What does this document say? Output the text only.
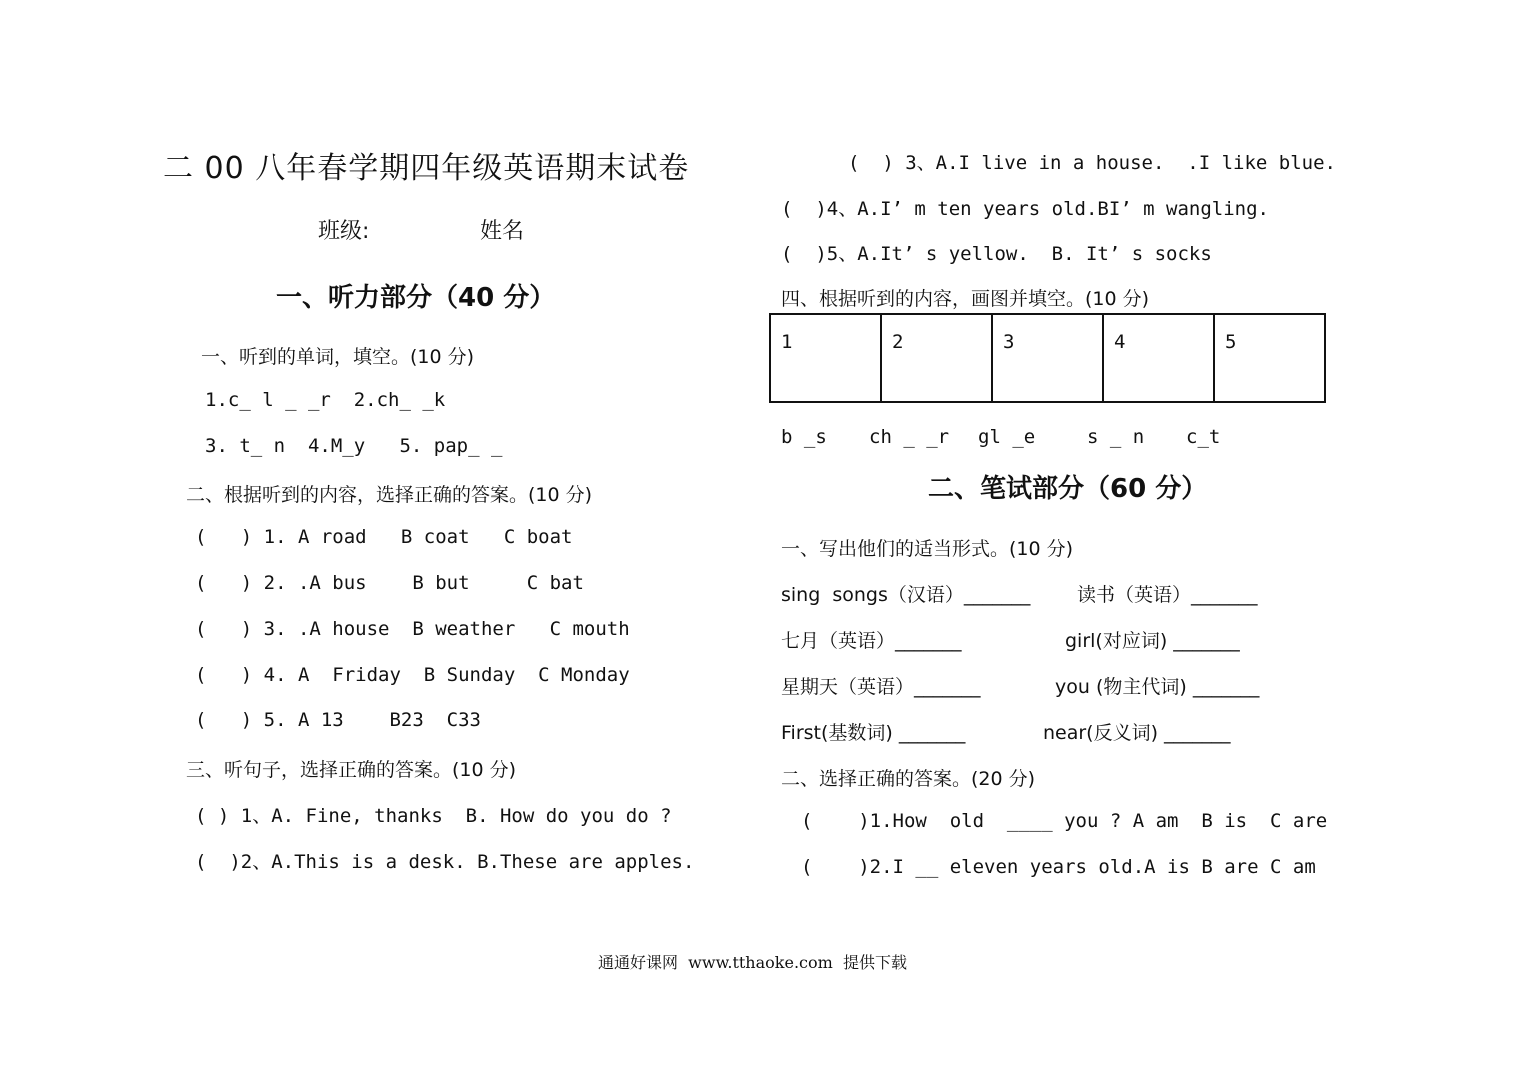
二 00 八年春学期四年级英语期末试卷
班级:	姓名
一、听力部分（40 分）
一、听到的单词，填空。(10 分)
1.c_ l _ _r  2.ch_ _k
3. t_ n  4.M_y   5. pap_ _
二、根据听到的内容，选择正确的答案。(10 分)
(   ) 1. A road   B coat   C boat
(   ) 2. .A bus    B but     C bat
(   ) 3. .A house  B weather   C mouth
(   ) 4. A  Friday  B Sunday  C Monday
(   ) 5. A 13    B23  C33
三、听句子，选择正确的答案。(10 分)
( ) 1、A. Fine, thanks  B. How do you do ?
(  )2、A.This is a desk. B.These are apples.
(  ) 3、A.I live in a house.  .I like blue.
(  )4、A.I’ m ten years old.BI’ m wangling.
(  )5、A.It’ s yellow.  B. It’ s socks
四、根据听到的内容，画图并填空。(10 分)
1	2	3	4	5
b _s ch _ _r gl _e	s _ n c_t
二、笔试部分（60 分）
一、写出他们的适当形式。(10 分)
sing  songs（汉语）_______ 读书（英语）_______
七月（英语）_______	girl(对应词) _______
星期天（英语）_______	you (物主代词) _______
First(基数词) _______	near(反义词) _______
二、选择正确的答案。(20 分)
(    )1.How  old  ____ you ? A am  B is  C are
(    )2.I __ eleven years old.A is B are C am
通通好课网  www.tthaoke.com  提供下载
